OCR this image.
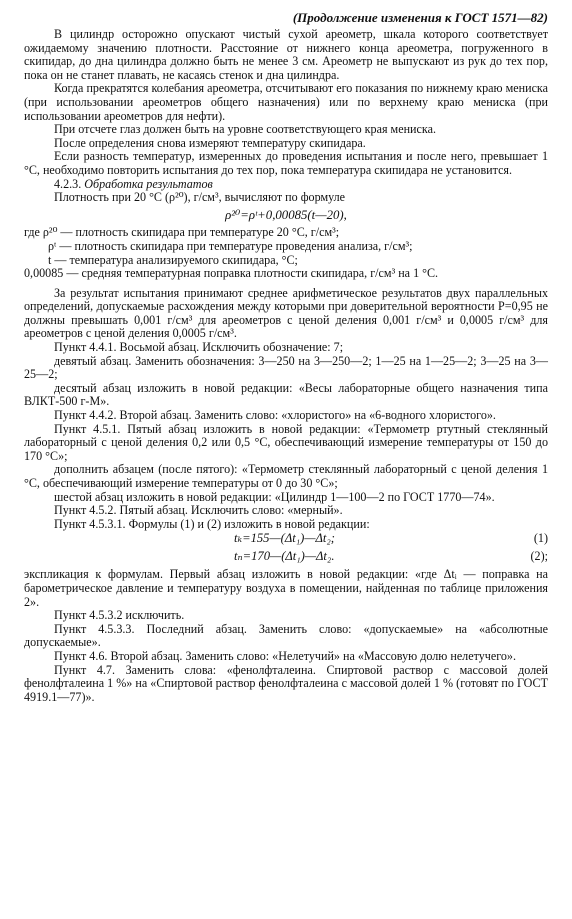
(Продолжение изменения к ГОСТ 1571—82)

В цилиндр осторожно опускают чистый сухой ареометр, шкала которого соответствует ожидаемому значению плотности. Расстояние от нижнего конца ареометра, погруженного в скипидар, до дна цилиндра должно быть не менее 3 см. Ареометр не выпускают из рук до тех пор, пока он не станет плавать, не касаясь стенок и дна цилиндра.

Когда прекратятся колебания ареометра, отсчитывают его показания по нижнему краю мениска (при использовании ареометров общего назначения) или по верхнему краю мениска (при использовании ареометров для нефти).

При отсчете глаз должен быть на уровне соответствующего края мениска.

После определения снова измеряют температуру скипидара.

Если разность температур, измеренных до проведения испытания и после него, превышает 1 °С, необходимо повторить испытания до тех пор, пока температура скипидара не установится.

4.2.3. Обработка результатов

Плотность при 20 °С (ρ²⁰), г/см³, вычисляют по формуле

ρ²⁰=ρᵗ+0,00085(t—20),

где ρ²⁰ — плотность скипидара при температуре 20 °С, г/см³;

ρᵗ — плотность скипидара при температуре проведения анализа, г/см³;

t — температура анализируемого скипидара, °С;

0,00085 — средняя температурная поправка плотности скипидара, г/см³ на 1 °С.

За результат испытания принимают среднее арифметическое результатов двух параллельных определений, допускаемые расхождения между которыми при доверительной вероятности P=0,95 не должны превышать 0,001 г/см³ для ареометров с ценой деления 0,001 г/см³ и 0,0005 г/см³ для ареометров с ценой деления 0,0005 г/см³.

Пункт 4.4.1. Восьмой абзац. Исключить обозначение: 7;

девятый абзац. Заменить обозначения: 3—250 на 3—250—2; 1—25 на 1—25—2; 3—25 на 3—25—2;

десятый абзац изложить в новой редакции: «Весы лабораторные общего назначения типа ВЛКТ-500 г-М».

Пункт 4.4.2. Второй абзац. Заменить слово: «хлористого» на «6-водного хлористого».

Пункт 4.5.1. Пятый абзац изложить в новой редакции: «Термометр ртутный стеклянный лабораторный с ценой деления 0,2 или 0,5 °С, обеспечивающий измерение температуры от 150 до 170 °С»;

дополнить абзацем (после пятого): «Термометр стеклянный лабораторный с ценой деления 1 °С, обеспечивающий измерение температуры от 0 до 30 °С»;

шестой абзац изложить в новой редакции: «Цилиндр 1—100—2 по ГОСТ 1770—74».

Пункт 4.5.2. Пятый абзац. Исключить слово: «мерный».

Пункт 4.5.3.1. Формулы (1) и (2) изложить в новой редакции:

tₖ=155—(Δt₁)—Δt₂;	(1)
tₙ=170—(Δt₁)—Δt₂.	(2);

экспликация к формулам. Первый абзац изложить в новой редакции: «где Δtᵢ — поправка на барометрическое давление и температуру воздуха в помещении, найденная по таблице приложения 2».

Пункт 4.5.3.2 исключить.

Пункт 4.5.3.3. Последний абзац. Заменить слово: «допускаемые» на «абсолютные допускаемые».

Пункт 4.6. Второй абзац. Заменить слово: «Нелетучий» на «Массовую долю нелетучего».

Пункт 4.7. Заменить слова: «фенолфталеина. Спиртовой раствор с массовой долей фенолфталеина 1 %» на «Спиртовой раствор фенолфталеина с массовой долей 1 % (готовят по ГОСТ 4919.1—77)».
